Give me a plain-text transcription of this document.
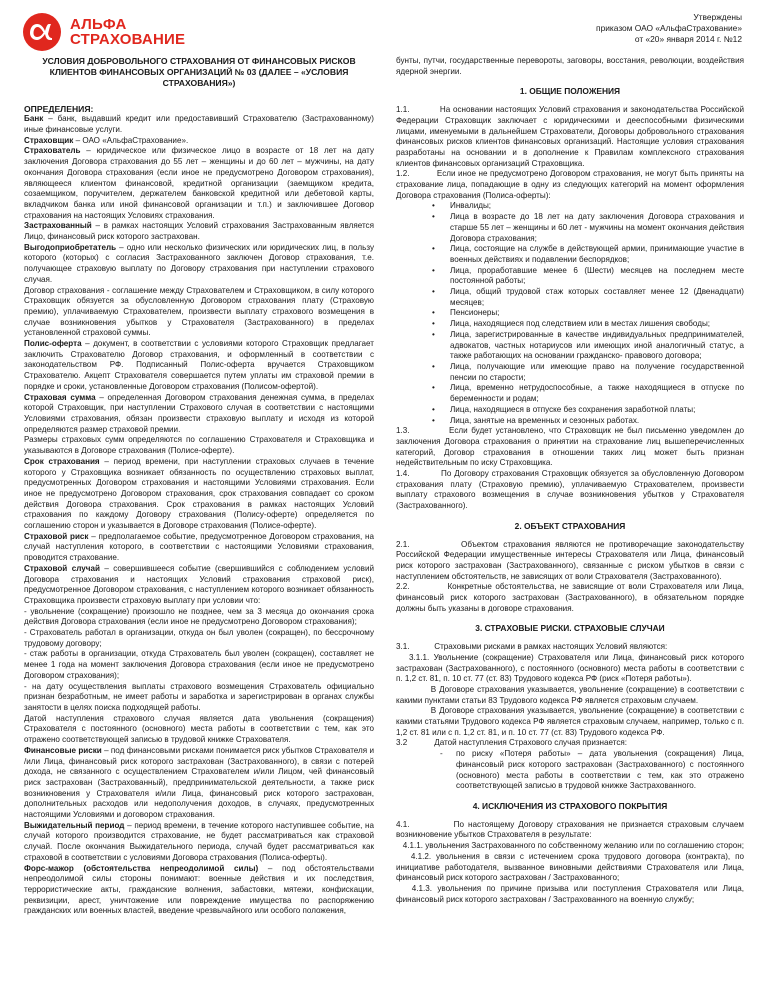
АЛЬФА
СТРАХОВАНИЕ
Утверждены
приказом ОАО «АльфаСтрахование»
от «20» января 2014 г. №12
УСЛОВИЯ ДОБРОВОЛЬНОГО СТРАХОВАНИЯ ОТ ФИНАНСОВЫХ РИСКОВ КЛИЕНТОВ ФИНАНСОВЫХ ОРГАНИЗАЦИЙ № 03 (ДАЛЕЕ – «УСЛОВИЯ СТРАХОВАНИЯ»)
ОПРЕДЕЛЕНИЯ:

Банк – банк, выдавший кредит или предоставивший Страхователю (Застрахованному) иные финансовые услуги.

Страховщик – ОАО «АльфаСтрахование».

Страхователь – юридическое или физическое лицо в возрасте от 18 лет на дату заключения Договора страхования до 55 лет – женщины и до 60 лет – мужчины, на дату окончания Договора страхования (если иное не предусмотрено Договором страхования), являющееся клиентом финансовой, кредитной организации (заемщиком кредита, созаемщиком, поручителем, держателем банковской кредитной или дебетовой карты, вкладчиком банка или иной финансовой организации и т.п.) и заключившее Договор страхования на настоящих Условиях страхования.

Застрахованный – в рамках настоящих Условий страхования Застрахованным является Лицо, финансовый риск которого застрахован.

Выгодоприобретатель – одно или несколько физических или юридических лиц, в пользу которого (которых) с согласия Застрахованного заключен Договор страхования, т.е. получающее страховую выплату по Договору страхования при наступлении страхового случая.

Договор страхования - соглашение между Страхователем и Страховщиком, в силу которого Страховщик обязуется за обусловленную Договором страхования плату (Страховую премию), уплачиваемую Страхователем, произвести выплату страхового возмещения в случае возникновения убытков у Страхователя (Застрахованного) в пределах установленной страховой суммы.

Полис-оферта – документ, в соответствии с условиями которого Страховщик предлагает заключить Страхователю Договор страхования, и оформленный в соответствии с законодательством РФ. Подписанный Полис-оферта вручается Страховщиком Страхователю. Акцепт Страхователя совершается путем уплаты им страховой премии в порядке и сроки, установленные Договором страхования (Полисом-офертой).

Страховая сумма – определенная Договором страхования денежная сумма, в пределах которой Страховщик, при наступлении Страхового случая в соответствии с настоящими Условиями страхования, обязан произвести страховую выплату и исходя из которой определяются размер страховой премии.

Размеры страховых сумм определяются по соглашению Страхователя и Страховщика и указываются в Договоре страхования (Полисе-оферте).

Срок страхования – период времени, при наступлении страховых случаев в течение которого у Страховщика возникает обязанность по осуществлению страховых выплат, предусмотренных Договором страхования и настоящими Условиями страхования. Если иное не предусмотрено Договором страхования, срок страхования совпадает со сроком действия Договора страхования. Срок страхования в рамках настоящих Условий страхования по каждому Договору страхования (Полису-оферте) определяется по соглашению сторон и указывается в Договоре страхования (Полисе-оферте).

Страховой риск – предполагаемое событие, предусмотренное Договором страхования, на случай наступления которого, в соответствии с настоящими Условиями страхования, проводится страхование.

Страховой случай – совершившееся событие (свершившийся с соблюдением условий Договора страхования и настоящих Условий страхования страховой риск), предусмотренное Договором страхования, с наступлением которого возникает обязанность Страховщика произвести страховую выплату при условии что:

- увольнение (сокращение) произошло не позднее, чем за 3 месяца до окончания срока действия Договора страхования (если иное не предусмотрено Договором страхования);

- Страхователь работал в организации, откуда он был уволен (сокращен), по бессрочному трудовому договору;

- стаж работы в организации, откуда Страхователь был уволен (сокращен), составляет не менее 1 года на момент заключения Договора страхования (если иное не предусмотрено Договором страхования);

- на дату осуществления выплаты страхового возмещения Страхователь официально признан безработным, не имеет работы и заработка и зарегистрирован в органах службы занятости в целях поиска подходящей работы.

Датой наступления страхового случая является дата увольнения (сокращения) Страхователя с постоянного (основного) места работы в соответствии с тем, как это отражено соответствующей записью в трудовой книжке Страхователя.

Финансовые риски – под финансовыми рисками понимается риск убытков Страхователя и /или Лица, финансовый риск которого застрахован (Застрахованного), в связи с потерей дохода, не связанного с осуществлением Страхователем и/или Лицом, чей финансовый риск застрахован (Застрахованный), предпринимательской деятельности, а также риск возникновения у Страхователя и/или Лица, финансовый риск которого застрахован, дополнительных расходов или недополучения доходов, в случаях, предусмотренных настоящими Условиями и договором страхования.

Выжидательный период – период времени, в течение которого наступившее событие, на случай которого производится страхование, не будет рассматриваться как страховой случай. После окончания Выжидательного периода, случай будет рассматриваться как страховой в соответствии с условиями Договора страхования (Полиса-оферты).

Форс-мажор (обстоятельства непреодолимой силы) – под обстоятельствами непреодолимой силы стороны понимают: военные действия и их последствия, террористические акты, гражданские волнения, забастовки, мятежи, конфискации, реквизиции, арест, уничтожение или повреждение имущества по распоряжению гражданских или военных властей, введение чрезвычайного или особого положения,

бунты, путчи, государственные перевороты, заговоры, восстания, революции, воздействия ядерной энергии.

1. ОБЩИЕ ПОЛОЖЕНИЯ

1.1.           На основании настоящих Условий страхования и законодательства Российской Федерации Страховщик заключает с юридическими и дееспособными физическими лицами, именуемыми в дальнейшем Страхователи, Договоры добровольного страхования финансовых рисков клиентов финансовых организаций. Настоящие условия страхования разработаны на основании и в дополнение к Правилам комплексного страхования клиентов финансовых организаций Страховщика.

1.2.           Если иное не предусмотрено Договором страхования, не могут быть приняты на страхование лица, попадающие в одну из следующих категорий на момент оформления Договора страхования (Полиса-оферты):

• Инвалиды;
• Лица в возрасте до 18 лет на дату заключения Договора страхования и старше 55 лет – женщины и 60 лет - мужчины на момент окончания действия Договора страхования;
• Лица, состоящие на службе в действующей армии, принимающие участие в военных действиях и подавлении беспорядков;
• Лица, проработавшие менее 6 (Шести) месяцев на последнем месте постоянной работы;
• Лица, общий трудовой стаж которых составляет менее 12 (Двенадцати) месяцев;
• Пенсионеры;
• Лица, находящиеся под следствием или в местах лишения свободы;
• Лица, зарегистрированные в качестве индивидуальных предпринимателей, адвокатов, частных нотариусов или имеющих иной аналогичный статус, а также работающих на основании гражданско- правового договора;
• Лица, получающие или имеющие право на получение государственной пенсии по старости;
• Лица, временно нетрудоспособные, а также находящиеся в отпуске по беременности и родам;
• Лица, находящиеся в отпуске без сохранения заработной платы;
• Лица, занятые на временных и сезонных работах.

1.3.           Если будет установлено, что Страховщик не был письменно уведомлен до заключения Договора страхования о принятии на страхование лиц вышеперечисленных категорий, Договор страхования в отношении таких лиц может быть признан недействительным по иску Страховщика.

1.4.           По Договору страхования Страховщик обязуется за обусловленную Договором страхования плату (Страховую премию), уплачиваемую Страхователем, произвести выплату страхового возмещения в случае возникновения убытков у Страхователя (Застрахованного).

2. ОБЪЕКТ СТРАХОВАНИЯ

2.1.           Объектом страхования являются не противоречащие законодательству Российской Федерации имущественные интересы Страхователя или Лица, финансовый риск которого застрахован (Застрахованного), связанные с риском убытков в связи с наступлением обстоятельств, не зависящих от воли Страхователя (Застрахованного).

2.2.           Конкретные обстоятельства, не зависящие от воли Страхователя или Лица, финансовый риск которого застрахован (Застрахованного), в обязательном порядке должны быть указаны в договоре страхования.

3. СТРАХОВЫЕ РИСКИ. СТРАХОВЫЕ СЛУЧАИ

3.1.           Страховыми рисками в рамках настоящих Условий являются:

3.1.1. Увольнение (сокращение) Страхователя или Лица, финансовый риск которого застрахован (Застрахованного), с постоянного (основного) места работы в соответствии с п. 1,2 ст. 81, п. 10 ст. 77 (ст. 83) Трудового кодекса РФ (риск «Потеря работы»).

В Договоре страхования указывается, увольнение (сокращение) в соответствии с какими пунктами статьи 83 Трудового кодекса РФ является страховым случаем.

В Договоре страхования указывается, увольнение (сокращение) в соответствии с какими статьями Трудового кодекса РФ является страховым случаем, например, только с п. 1,2 ст. 81 или с п. 1,2 ст. 81, и п. 10 ст. 77 (ст. 83) Трудового кодекса РФ.

3.2            Датой наступления Страхового случая признается:

- по риску «Потеря работы» – дата увольнения (сокращения) Лица, финансовый риск которого застрахован (Застрахованного) с постоянного (основного) места работы в соответствии с тем, как это отражено соответствующей записью в трудовой книжке Застрахованного.

4. ИСКЛЮЧЕНИЯ ИЗ СТРАХОВОГО ПОКРЫТИЯ

4.1.           По настоящему Договору страхования не признается страховым случаем возникновение убытков Страхователя в результате:

4.1.1. увольнения Застрахованного по собственному желанию или по соглашению сторон;

4.1.2. увольнения в связи с истечением срока трудового договора (контракта), по инициативе работодателя, вызванное виновными действиями Страхователя или Лица, финансовый риск которого застрахован / Застрахованного;

4.1.3. увольнения по причине призыва или поступления Страхователя или Лица, финансовый риск которого застрахован / Застрахованного на военную службу;
